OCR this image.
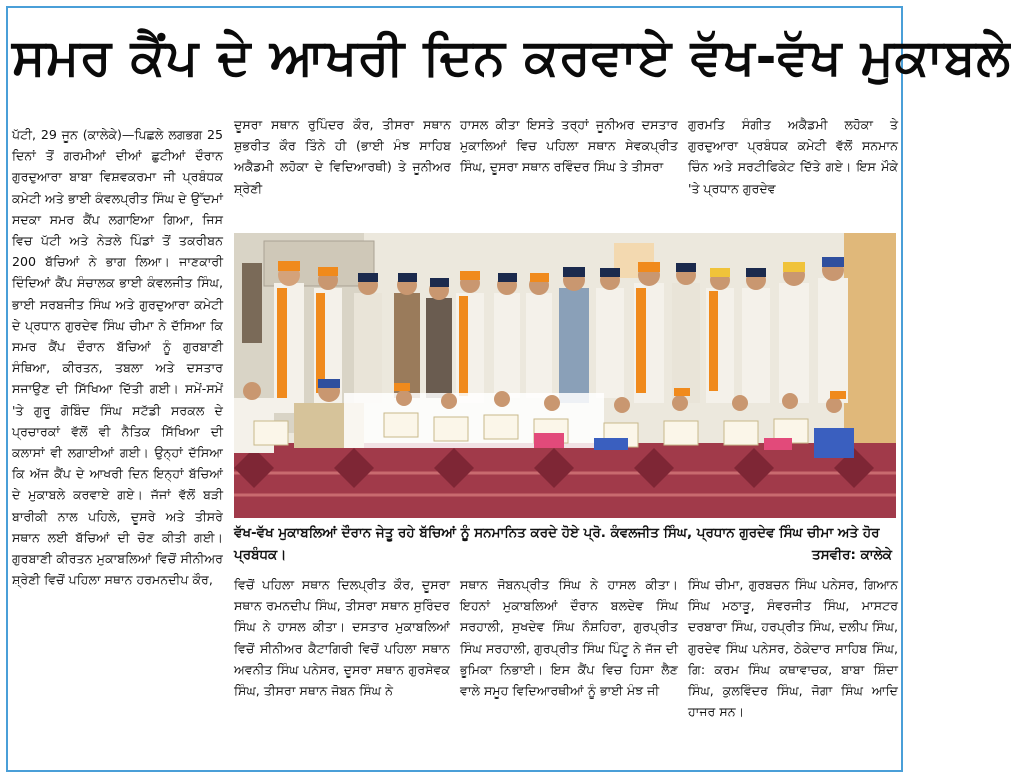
ਸਮਰ ਕੈਂਪ ਦੇ ਆਖਰੀ ਦਿਨ ਕਰਵਾਏ ਵੱਖ-ਵੱਖ ਮੁਕਾਬਲੇ

ਪੱਟੀ, 29 ਜੂਨ (ਕਾਲੇਕੇ)—ਪਿਛਲੇ ਲਗਭਗ 25 ਦਿਨਾਂ ਤੋਂ ਗਰਮੀਆਂ ਦੀਆਂ ਛੁਟੀਆਂ ਦੌਰਾਨ ਗੁਰਦੁਆਰਾ ਬਾਬਾ ਵਿਸ਼ਵਕਰਮਾ ਜੀ ਪ੍ਰਬੰਧਕ ਕਮੇਟੀ ਅਤੇ ਭਾਈ ਕੰਵਲਪ੍ਰੀਤ ਸਿੰਘ ਦੇ ਉੱਦਮਾਂ ਸਦਕਾ ਸਮਰ ਕੈਂਪ ਲਗਾਇਆ ਗਿਆ, ਜਿਸ ਵਿਚ ਪੱਟੀ ਅਤੇ ਨੇੜਲੇ ਪਿੰਡਾਂ ਤੋਂ ਤਕਰੀਬਨ 200 ਬੱਚਿਆਂ ਨੇ ਭਾਗ ਲਿਆ। ਜਾਣਕਾਰੀ ਦਿੰਦਿਆਂ ਕੈਂਪ ਸੰਚਾਲਕ ਭਾਈ ਕੰਵਲਜੀਤ ਸਿੰਘ, ਭਾਈ ਸਰਬਜੀਤ ਸਿੰਘ ਅਤੇ ਗੁਰਦੁਆਰਾ ਕਮੇਟੀ ਦੇ ਪ੍ਰਧਾਨ ਗੁਰਦੇਵ ਸਿੰਘ ਚੀਮਾ ਨੇ ਦੱਸਿਆ ਕਿ ਸਮਰ ਕੈਂਪ ਦੌਰਾਨ ਬੱਚਿਆਂ ਨੂੰ ਗੁਰਬਾਣੀ ਸੰਥਿਆ, ਕੀਰਤਨ, ਤਬਲਾ ਅਤੇ ਦਸਤਾਰ ਸਜਾਉਣ ਦੀ ਸਿੱਖਿਆ ਦਿੱਤੀ ਗਈ। ਸਮੇਂ-ਸਮੇਂ 'ਤੇ ਗੁਰੂ ਗੋਬਿੰਦ ਸਿੰਘ ਸਟੱਡੀ ਸਰਕਲ ਦੇ ਪ੍ਰਚਾਰਕਾਂ ਵੱਲੋਂ ਵੀ ਨੈਤਿਕ ਸਿੱਖਿਆ ਦੀ ਕਲਾਸਾਂ ਵੀ ਲਗਾਈਆਂ ਗਈ। ਉਨ੍ਹਾਂ ਦੱਸਿਆ ਕਿ ਅੱਜ ਕੈਂਪ ਦੇ ਆਖਰੀ ਦਿਨ ਇਨ੍ਹਾਂ ਬੱਚਿਆਂ ਦੇ ਮੁਕਾਬਲੇ ਕਰਵਾਏ ਗਏ। ਜੱਜਾਂ ਵੱਲੋਂ ਬੜੀ ਬਾਰੀਕੀ ਨਾਲ ਪਹਿਲੇ, ਦੂਸਰੇ ਅਤੇ ਤੀਸਰੇ ਸਥਾਨ ਲਈ ਬੱਚਿਆਂ ਦੀ ਚੋਣ ਕੀਤੀ ਗਈ। ਗੁਰਬਾਣੀ ਕੀਰਤਨ ਮੁਕਾਬਲਿਆਂ ਵਿਚੋਂ ਸੀਨੀਅਰ ਸ਼੍ਰੇਣੀ ਵਿਚੋਂ ਪਹਿਲਾ ਸਥਾਨ ਹਰਮਨਦੀਪ ਕੌਰ,

ਦੂਸਰਾ ਸਥਾਨ ਰੁਪਿੰਦਰ ਕੌਰ, ਤੀਸਰਾ ਸਥਾਨ ਸ਼ੁਭਰੀਤ ਕੌਰ ਤਿੰਨੇ ਹੀ (ਭਾਈ ਮੰਝ ਸਾਹਿਬ ਅਕੈਡਮੀ ਲਹੋਕਾ ਦੇ ਵਿਦਿਆਰਥੀ) ਤੇ ਜੂਨੀਅਰ ਸ਼੍ਰੇਣੀ
ਹਾਸਲ ਕੀਤਾ ਇਸਤੇ ਤਰ੍ਹਾਂ ਜੂਨੀਅਰ ਦਸਤਾਰ ਮੁਕਾਲਿਆਂ ਵਿਚ ਪਹਿਲਾ ਸਥਾਨ ਸੇਵਕਪ੍ਰੀਤ ਸਿੰਘ, ਦੂਸਰਾ ਸਥਾਨ ਰਵਿੰਦਰ ਸਿੰਘ ਤੇ ਤੀਸਰਾ
ਗੁਰਮਤਿ ਸੰਗੀਤ ਅਕੈਡਮੀ ਲਹੋਕਾ ਤੇ ਗੁਰਦੁਆਰਾ ਪ੍ਰਬੰਧਕ ਕਮੇਟੀ ਵੱਲੋਂ ਸਨਮਾਨ ਚਿੰਨ ਅਤੇ ਸਰਟੀਫਿਕੇਟ ਦਿੱਤੇ ਗਏ। ਇਸ ਮੌਕੇ 'ਤੇ ਪ੍ਰਧਾਨ ਗੁਰਦੇਵ
ਵੱਖ-ਵੱਖ ਮੁਕਾਬਲਿਆਂ ਦੌਰਾਨ ਜੇਤੂ ਰਹੇ ਬੱਚਿਆਂ ਨੂੰ ਸਨਮਾਨਿਤ ਕਰਦੇ ਹੋਏ ਪ੍ਰੋ. ਕੰਵਲਜੀਤ ਸਿੰਘ, ਪ੍ਰਧਾਨ ਗੁਰਦੇਵ ਸਿੰਘ ਚੀਮਾ ਅਤੇ ਹੋਰ ਪ੍ਰਬੰਧਕ।	ਤਸਵੀਰ: ਕਾਲੇਕੇ
ਵਿਚੋਂ ਪਹਿਲਾ ਸਥਾਨ ਦਿਲਪ੍ਰੀਤ ਕੌਰ, ਦੂਸਰਾ ਸਥਾਨ ਰਮਨਦੀਪ ਸਿੰਘ, ਤੀਸਰਾ ਸਥਾਨ ਸੁਰਿੰਦਰ ਸਿੰਘ ਨੇ ਹਾਸਲ ਕੀਤਾ। ਦਸਤਾਰ ਮੁਕਾਬਲਿਆਂ ਵਿਚੋਂ ਸੀਨੀਅਰ ਕੈਟਾਗਿਰੀ ਵਿਚੋਂ ਪਹਿਲਾ ਸਥਾਨ ਅਵਨੀਤ ਸਿੰਘ ਪਨੇਸਰ, ਦੂਸਰਾ ਸਥਾਨ ਗੁਰਸੇਵਕ ਸਿੰਘ, ਤੀਸਰਾ ਸਥਾਨ ਜੋਬਨ ਸਿੰਘ ਨੇ
ਸਥਾਨ ਜੋਬਨਪ੍ਰੀਤ ਸਿੰਘ ਨੇ ਹਾਸਲ ਕੀਤਾ। ਇਹਨਾਂ ਮੁਕਾਬਲਿਆਂ ਦੌਰਾਨ ਬਲਦੇਵ ਸਿੰਘ ਸਰਹਾਲੀ, ਸੁਖਦੇਵ ਸਿੰਘ ਨੌਸ਼ਹਿਰਾ, ਗੁਰਪ੍ਰੀਤ ਸਿੰਘ ਸਰਹਾਲੀ, ਗੁਰਪ੍ਰੀਤ ਸਿੰਘ ਪਿੰਟੂ ਨੇ ਜੱਜ ਦੀ ਭੂਮਿਕਾ ਨਿਭਾਈ। ਇਸ ਕੈਂਪ ਵਿਚ ਹਿਸਾ ਲੈਣ ਵਾਲੇ ਸਮੂਹ ਵਿਦਿਆਰਥੀਆਂ ਨੂੰ ਭਾਈ ਮੰਝ ਜੀ
ਸਿੰਘ ਚੀਮਾ, ਗੁਰਬਚਨ ਸਿੰਘ ਪਨੇਸਰ, ਗਿਆਨ ਸਿੰਘ ਮਠਾੜੂ, ਸੰਵਰਜੀਤ ਸਿੰਘ, ਮਾਸਟਰ ਦਰਬਾਰਾ ਸਿੰਘ, ਹਰਪ੍ਰੀਤ ਸਿੰਘ, ਦਲੀਪ ਸਿੰਘ, ਗੁਰਦੇਵ ਸਿੰਘ ਪਨੇਸਰ, ਠੇਕੇਦਾਰ ਸਾਹਿਬ ਸਿੰਘ, ਗਿ: ਕਰਮ ਸਿੰਘ ਕਥਾਵਾਚਕ, ਬਾਬਾ ਸ਼ਿੰਦਾ ਸਿੰਘ, ਕੁਲਵਿੰਦਰ ਸਿੰਘ, ਜੋਗਾ ਸਿੰਘ ਆਦਿ ਹਾਜਰ ਸਨ।
